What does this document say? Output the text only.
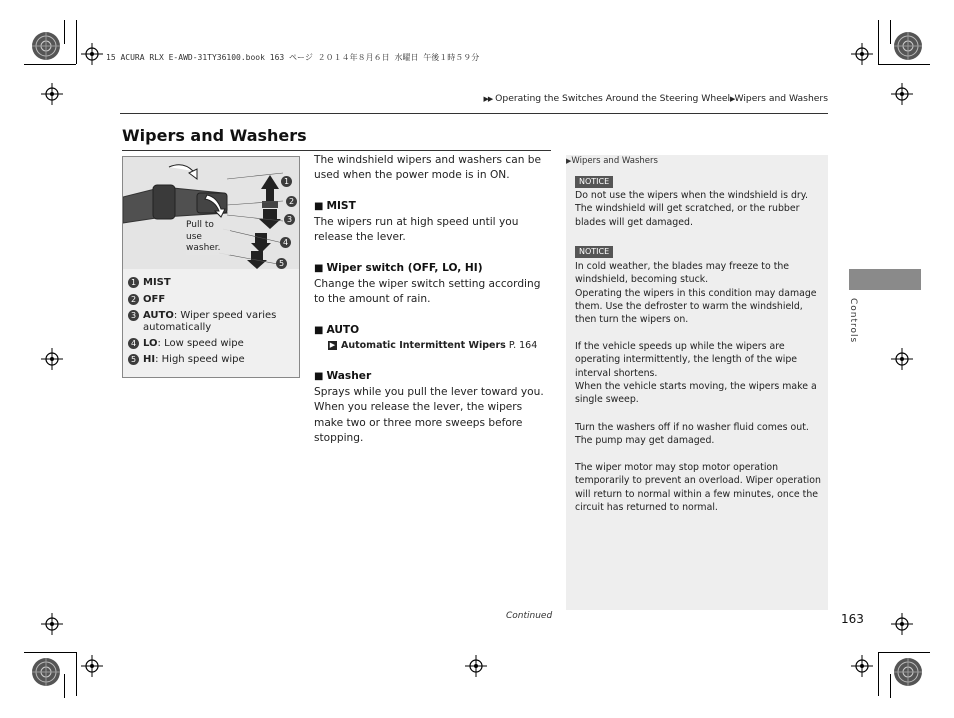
15 ACURA RLX E-AWD-31TY36100.book 163 ページ ２０１４年８月６日 水曜日 午後１時５９分
▶▶ Operating the Switches Around the Steering Wheel▶Wipers and Washers
Wipers and Washers
1
2
3
4
5
Pull to use washer.
1 MIST
2 OFF
3 AUTO: Wiper speed varies
automatically
4 LO: Low speed wipe
5 HI: High speed wipe
The windshield wipers and washers can be used when the power mode is in ON.
■ MIST
The wipers run at high speed until you release the lever.
■ Wiper switch (OFF, LO, HI)
Change the wiper switch setting according to the amount of rain.
■ AUTO
▶ Automatic Intermittent Wipers P. 164
■ Washer
Sprays while you pull the lever toward you. When you release the lever, the wipers make two or three more sweeps before stopping.
▶Wipers and Washers
NOTICE
Do not use the wipers when the windshield is dry. The windshield will get scratched, or the rubber blades will get damaged.
NOTICE
In cold weather, the blades may freeze to the windshield, becoming stuck.
Operating the wipers in this condition may damage them. Use the defroster to warm the windshield, then turn the wipers on.
If the vehicle speeds up while the wipers are operating intermittently, the length of the wipe interval shortens.
When the vehicle starts moving, the wipers make a single sweep.
Turn the washers off if no washer fluid comes out. The pump may get damaged.
The wiper motor may stop motor operation temporarily to prevent an overload. Wiper operation will return to normal within a few minutes, once the circuit has returned to normal.
Controls
Continued	163
